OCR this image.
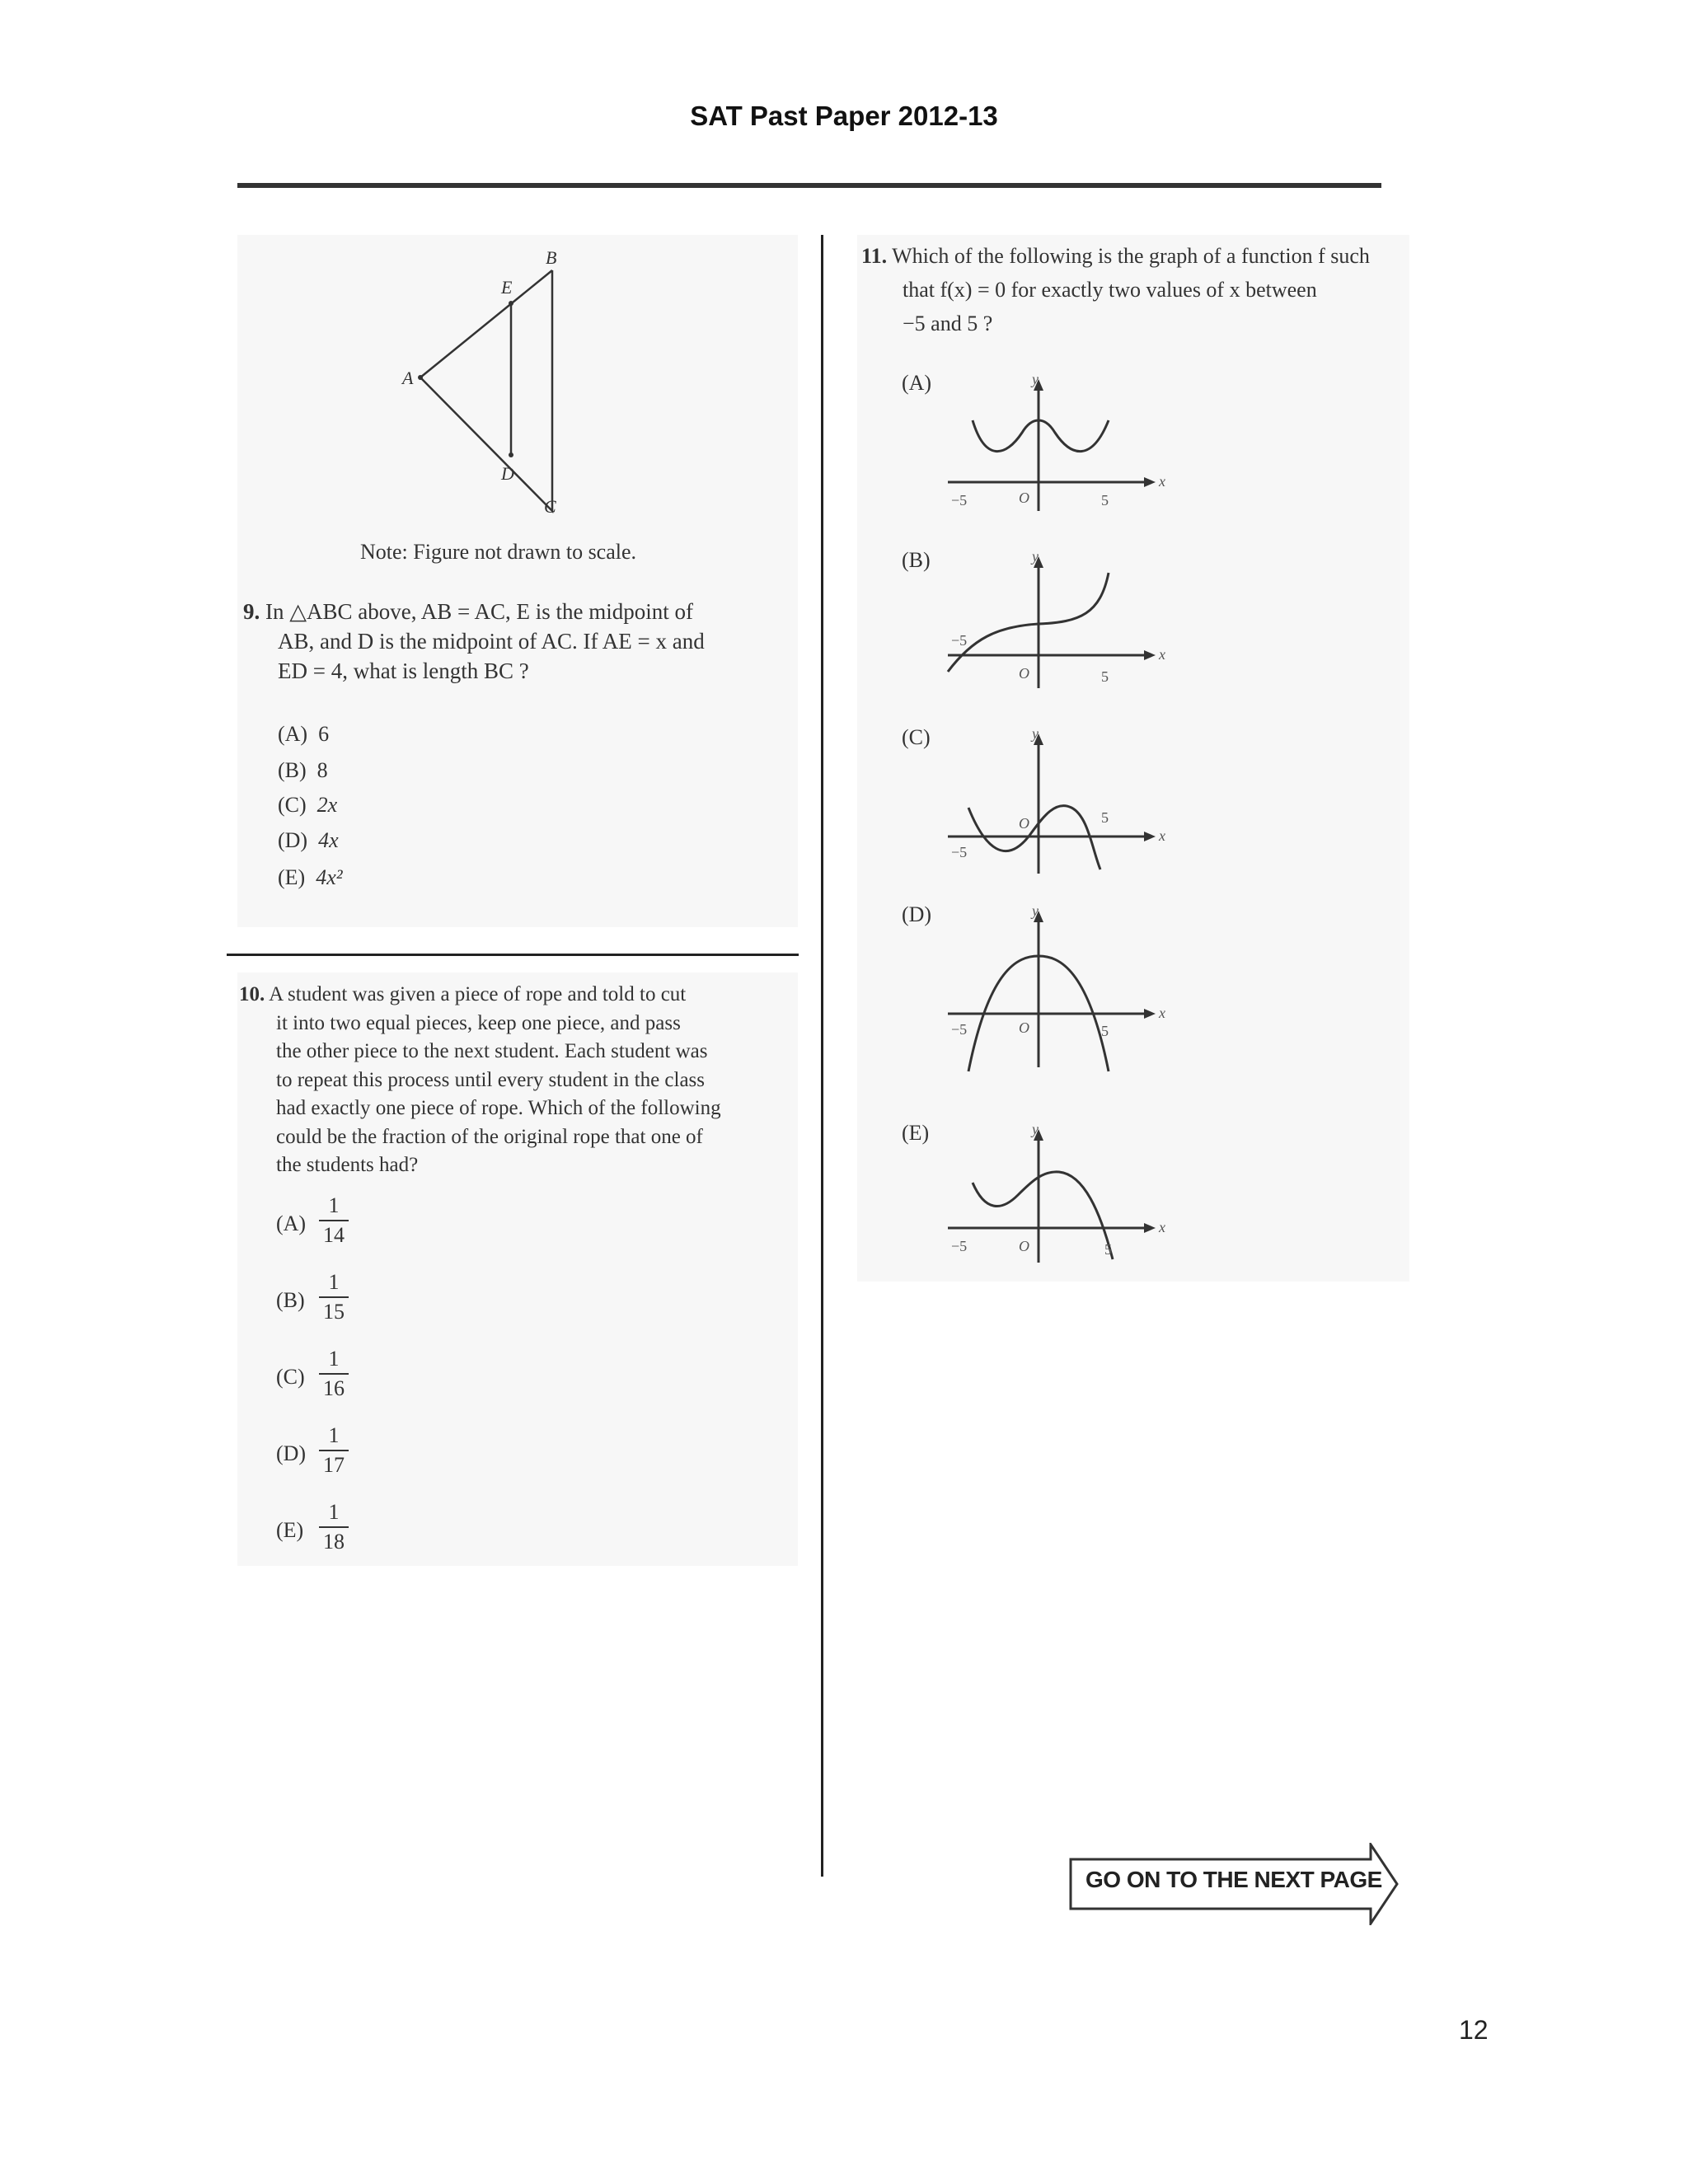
SAT Past Paper 2012-13
B
E
A
D
C
Note: Figure not drawn to scale.
9. In △ABC above, AB = AC, E is the midpoint of
AB, and D is the midpoint of AC. If AE = x and
ED = 4, what is length BC ?
(A) 6
(B) 8
(C) 2x
(D) 4x
(E) 4x²
10. A student was given a piece of rope and told to cut
it into two equal pieces, keep one piece, and pass
the other piece to the next student. Each student was
to repeat this process until every student in the class
had exactly one piece of rope. Which of the following
could be the fraction of the original rope that one of
the students had?
(A)
1
14
(B)
1
15
(C)
1
16
(D)
1
17
(E)
1
18
11. Which of the following is the graph of a function f such
that f(x) = 0 for exactly two values of x between
−5 and 5 ?
(A)
(B)
(C)
(D)
(E)
y
x
−5	O	5
y
x
−5
O	5
y
x
−5
O	5
y
x
−5	O	5
y
x
−5	O	5
GO ON TO THE NEXT PAGE
12
